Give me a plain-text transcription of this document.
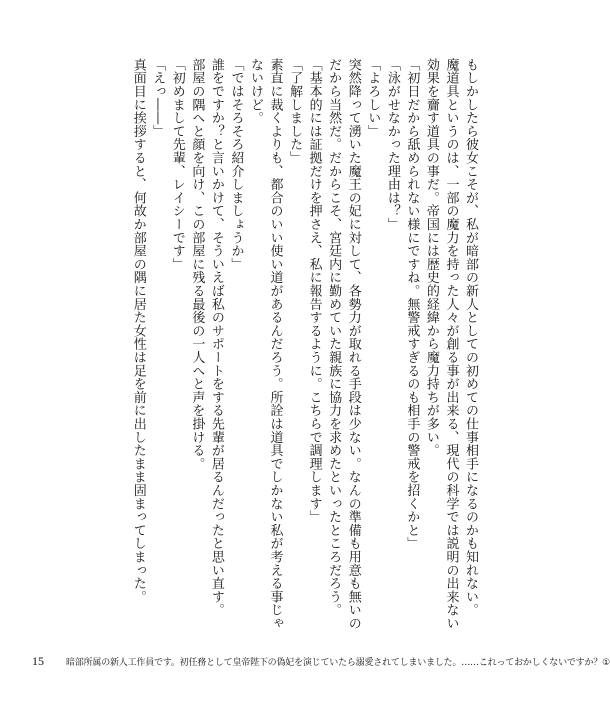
もしかしたら彼女こそが、私が暗部の新人としての初めての仕事相手になるのかも知れない。
魔道具というのは、一部の魔力を持った人々が創る事が出来る、現代の科学では説明の出来ない
効果を齎す道具の事だ。帝国には歴史的経緯から魔力持ちが多い。
「初日だから舐められない様にですね。無警戒すぎるのも相手の警戒を招くかと」
「泳がせなかった理由は？」
「よろしい」
突然降って湧いた魔王の妃に対して、各勢力が取れる手段は少ない。なんの準備も用意も無いの
だから当然だ。だからこそ、宮廷内に勤めていた親族に協力を求めたといったところだろう。
「基本的には証拠だけを押さえ、私に報告するように。こちらで調理します」
「了解しました」
素直に裁くよりも、都合のいい使い道があるんだろう。所詮は道具でしかない私が考える事じゃ
ないけど。
「ではそろそろ紹介しましょうか」
誰をですか？と言いかけて、そういえば私のサポートをする先輩が居るんだったと思い直す。
部屋の隅へと顔を向け、この部屋に残る最後の一人へと声を掛ける。
「初めまして先輩、レイシーです」
「えっ――」
真面目に挨拶すると、何故か部屋の隅に居た女性は足を前に出したまま固まってしまった。
15 暗部所属の新人工作員です。初任務として皇帝陛下の偽妃を演じていたら溺愛されてしまいました。……これっておかしくないですか？①
